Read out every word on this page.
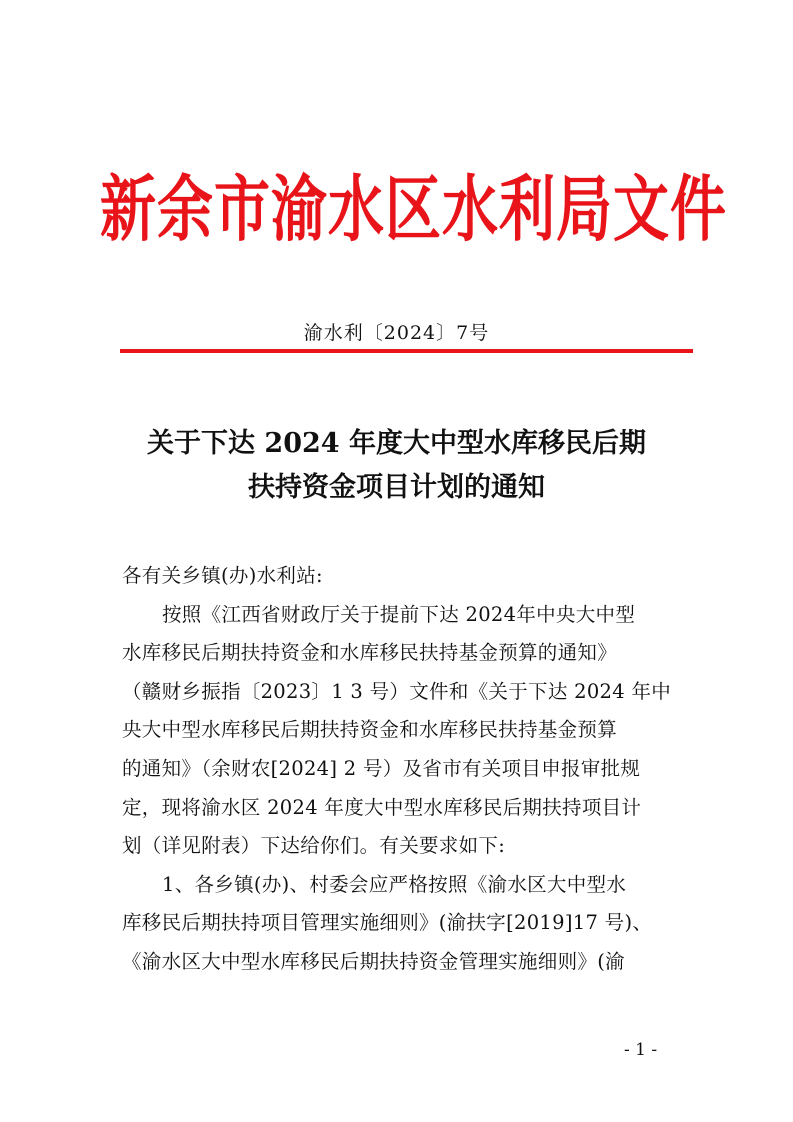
新余市渝水区水利局文件
渝水利〔2024〕7号
关于下达 2024 年度大中型水库移民后期
扶持资金项目计划的通知
各有关乡镇(办)水利站:
按照《江西省财政厅关于提前下达 2024年中央大中型
水库移民后期扶持资金和水库移民扶持基金预算的通知》
（赣财乡振指〔2023〕1 3 号）文件和《关于下达 2024 年中
央大中型水库移民后期扶持资金和水库移民扶持基金预算
的通知》（余财农[2024] 2 号）及省市有关项目申报审批规
定，现将渝水区 2024 年度大中型水库移民后期扶持项目计
划（详见附表）下达给你们。有关要求如下:
1、各乡镇(办)、村委会应严格按照《渝水区大中型水
库移民后期扶持项目管理实施细则》(渝扶字[2019]17 号)、
《渝水区大中型水库移民后期扶持资金管理实施细则》(渝
- 1 -
